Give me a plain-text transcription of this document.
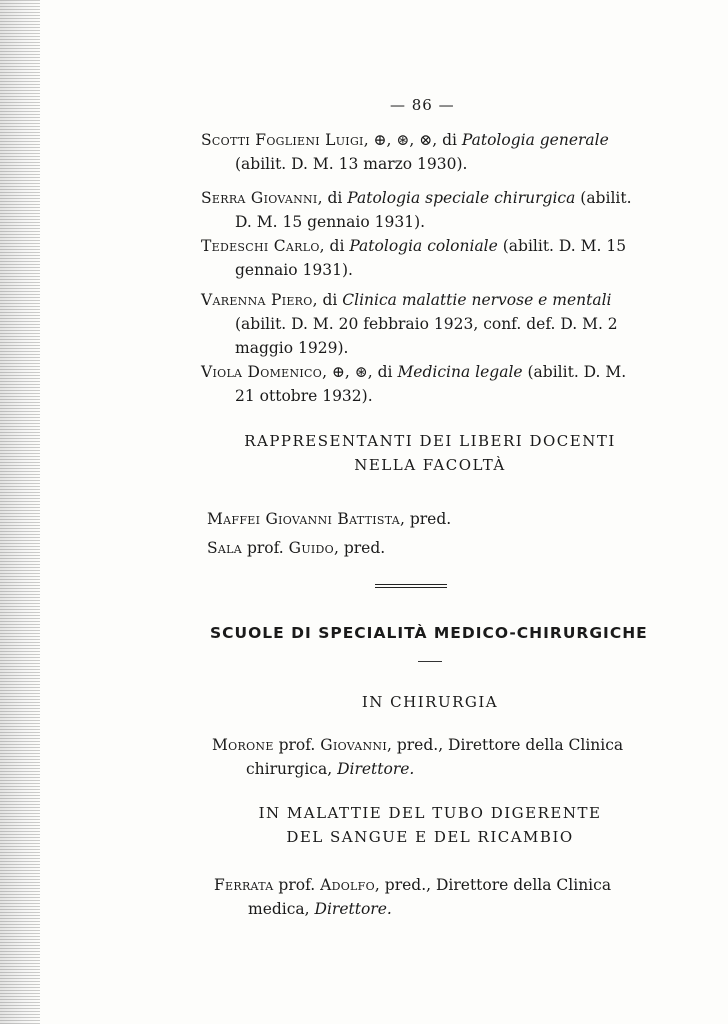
— 86 —
Scotti Foglieni Luigi, ⊕, ⊛, ⊗, di Patologia generale
(abilit. D. M. 13 marzo 1930).
Serra Giovanni, di Patologia speciale chirurgica (abilit.
D. M. 15 gennaio 1931).
Tedeschi Carlo, di Patologia coloniale (abilit. D. M. 15
gennaio 1931).
Varenna Piero, di Clinica malattie nervose e mentali
(abilit. D. M. 20 febbraio 1923, conf. def. D. M. 2
maggio 1929).
Viola Domenico, ⊕, ⊛, di Medicina legale (abilit. D. M.
21 ottobre 1932).
RAPPRESENTANTI DEI LIBERI DOCENTI
NELLA FACOLTÀ
Maffei Giovanni Battista, pred.
Sala prof. Guido, pred.
SCUOLE DI SPECIALITÀ MEDICO-CHIRURGICHE
IN CHIRURGIA
Morone prof. Giovanni, pred., Direttore della Clinica
chirurgica, Direttore.
IN MALATTIE DEL TUBO DIGERENTE
DEL SANGUE E DEL RICAMBIO
Ferrata prof. Adolfo, pred., Direttore della Clinica
medica, Direttore.
